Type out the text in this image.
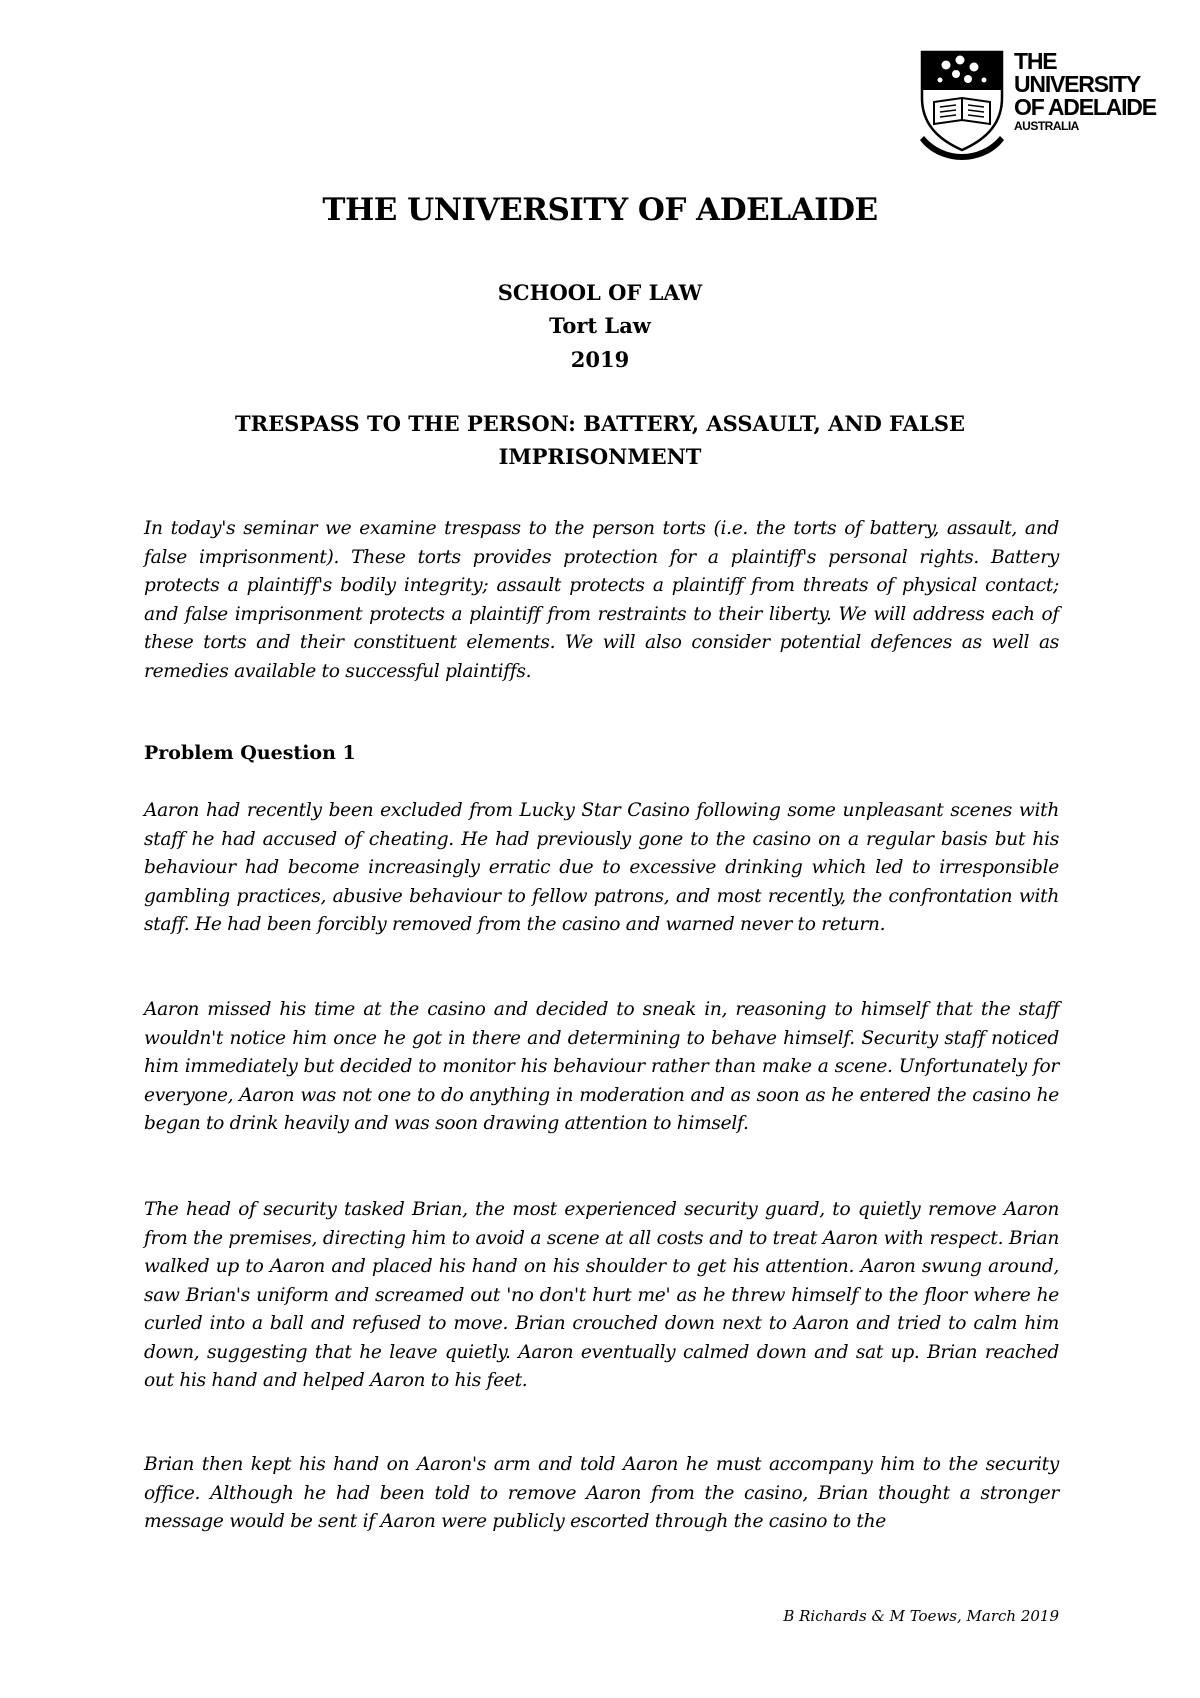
THE UNIVERSITY
OF ADELAIDE
AUSTRALIA
THE UNIVERSITY OF ADELAIDE
SCHOOL OF LAW
Tort Law
2019
TRESPASS TO THE PERSON: BATTERY, ASSAULT, AND FALSE
IMPRISONMENT

In today's seminar we examine trespass to the person torts (i.e. the torts of battery, assault, and false imprisonment). These torts provides protection for a plaintiff's personal rights. Battery protects a plaintiff's bodily integrity; assault protects a plaintiff from threats of physical contact; and false imprisonment protects a plaintiff from restraints to their liberty. We will address each of these torts and their constituent elements. We will also consider potential defences as well as remedies available to successful plaintiffs.

Problem Question 1

Aaron had recently been excluded from Lucky Star Casino following some unpleasant scenes with staff he had accused of cheating. He had previously gone to the casino on a regular basis but his behaviour had become increasingly erratic due to excessive drinking which led to irresponsible gambling practices, abusive behaviour to fellow patrons, and most recently, the confrontation with staff. He had been forcibly removed from the casino and warned never to return.

Aaron missed his time at the casino and decided to sneak in, reasoning to himself that the staff wouldn't notice him once he got in there and determining to behave himself. Security staff noticed him immediately but decided to monitor his behaviour rather than make a scene. Unfortunately for everyone, Aaron was not one to do anything in moderation and as soon as he entered the casino he began to drink heavily and was soon drawing attention to himself.

The head of security tasked Brian, the most experienced security guard, to quietly remove Aaron from the premises, directing him to avoid a scene at all costs and to treat Aaron with respect. Brian walked up to Aaron and placed his hand on his shoulder to get his attention. Aaron swung around, saw Brian's uniform and screamed out 'no don't hurt me' as he threw himself to the floor where he curled into a ball and refused to move. Brian crouched down next to Aaron and tried to calm him down, suggesting that he leave quietly. Aaron eventually calmed down and sat up. Brian reached out his hand and helped Aaron to his feet.

Brian then kept his hand on Aaron's arm and told Aaron he must accompany him to the security office. Although he had been told to remove Aaron from the casino, Brian thought a stronger message would be sent if Aaron were publicly escorted through the casino to the

B Richards & M Toews, March 2019
